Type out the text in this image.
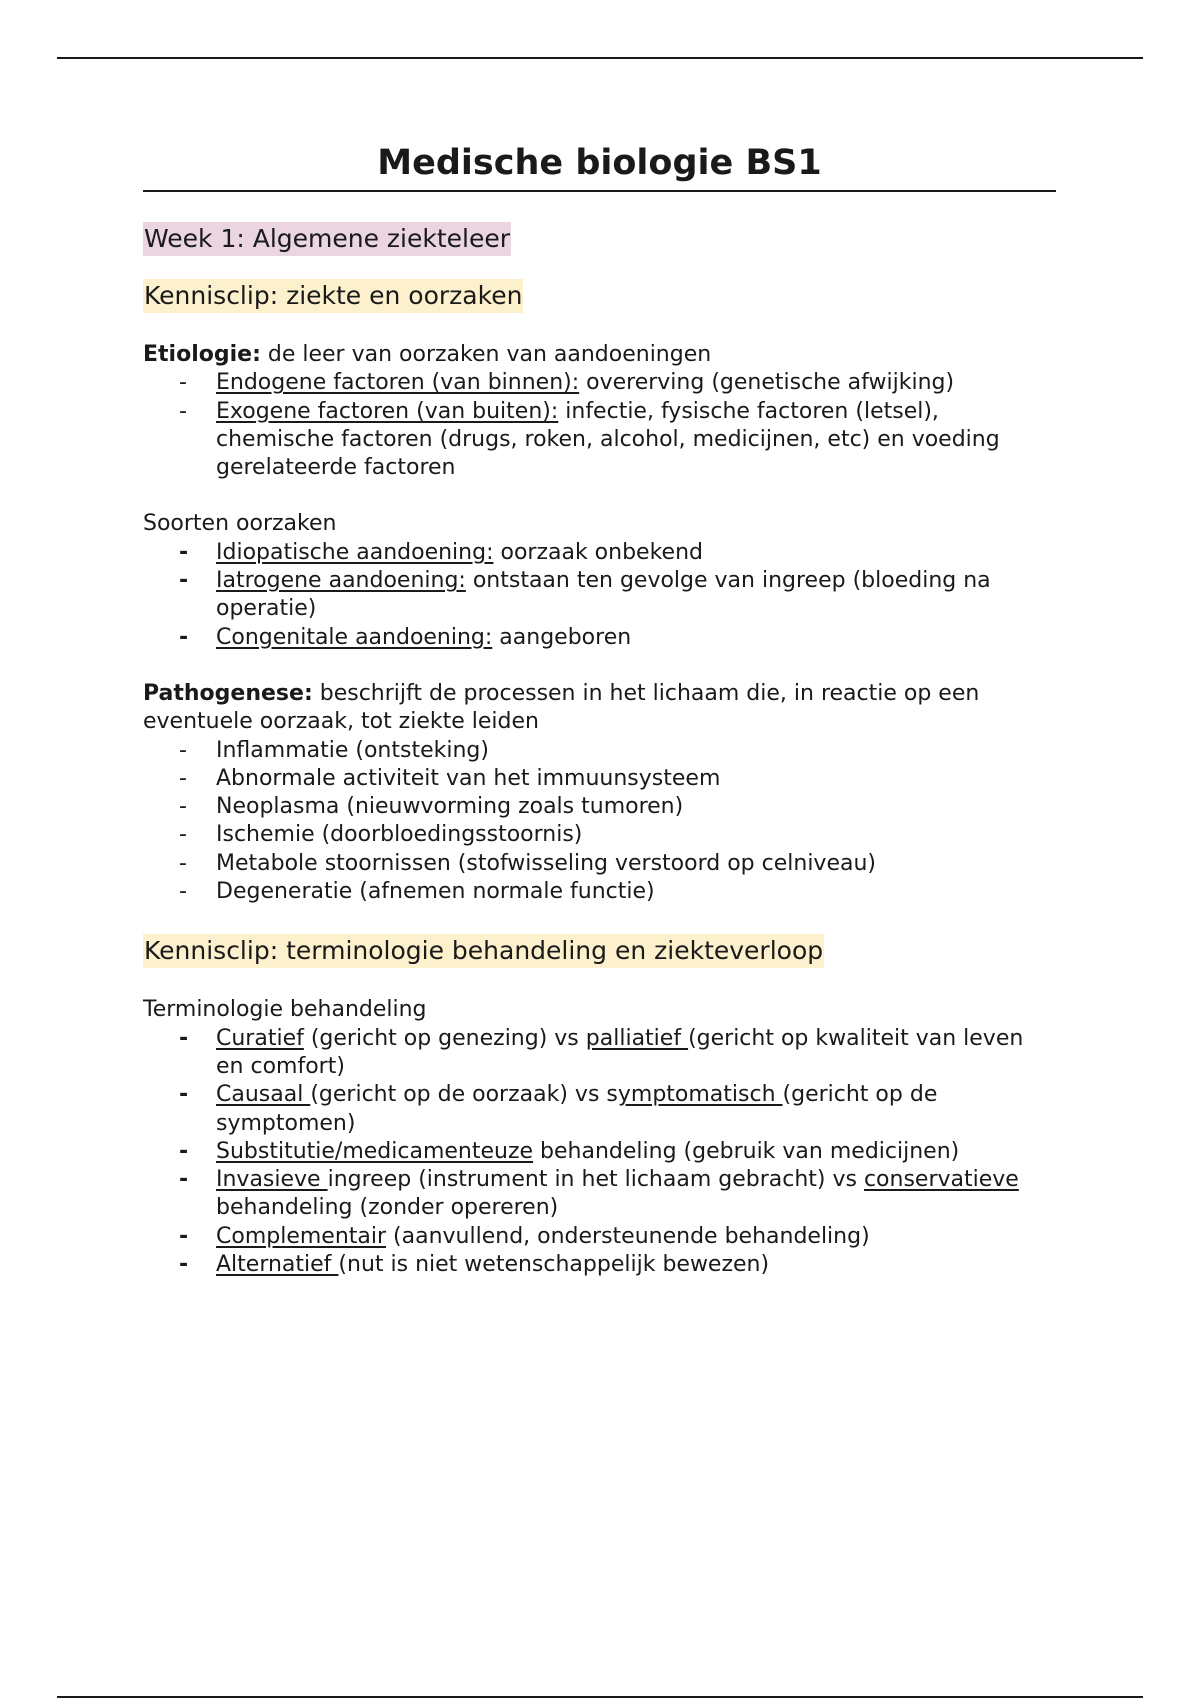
Medische biologie BS1
Week 1: Algemene ziekteleer
Kennisclip: ziekte en oorzaken
Etiologie: de leer van oorzaken van aandoeningen
- Endogene factoren (van binnen): overerving (genetische afwijking)
- Exogene factoren (van buiten): infectie, fysische factoren (letsel), chemische factoren (drugs, roken, alcohol, medicijnen, etc) en voeding gerelateerde factoren
Soorten oorzaken
- Idiopatische aandoening: oorzaak onbekend
- Iatrogene aandoening: ontstaan ten gevolge van ingreep (bloeding na operatie)
- Congenitale aandoening: aangeboren
Pathogenese: beschrijft de processen in het lichaam die, in reactie op een eventuele oorzaak, tot ziekte leiden
- Inflammatie (ontsteking)
- Abnormale activiteit van het immuunsysteem
- Neoplasma (nieuwvorming zoals tumoren)
- Ischemie (doorbloedingsstoornis)
- Metabole stoornissen (stofwisseling verstoord op celniveau)
- Degeneratie (afnemen normale functie)
Kennisclip: terminologie behandeling en ziekteverloop
Terminologie behandeling
- Curatief (gericht op genezing) vs palliatief (gericht op kwaliteit van leven en comfort)
- Causaal (gericht op de oorzaak) vs symptomatisch (gericht op de symptomen)
- Substitutie/medicamenteuze behandeling (gebruik van medicijnen)
- Invasieve ingreep (instrument in het lichaam gebracht) vs conservatieve behandeling (zonder opereren)
- Complementair (aanvullend, ondersteunende behandeling)
- Alternatief (nut is niet wetenschappelijk bewezen)
